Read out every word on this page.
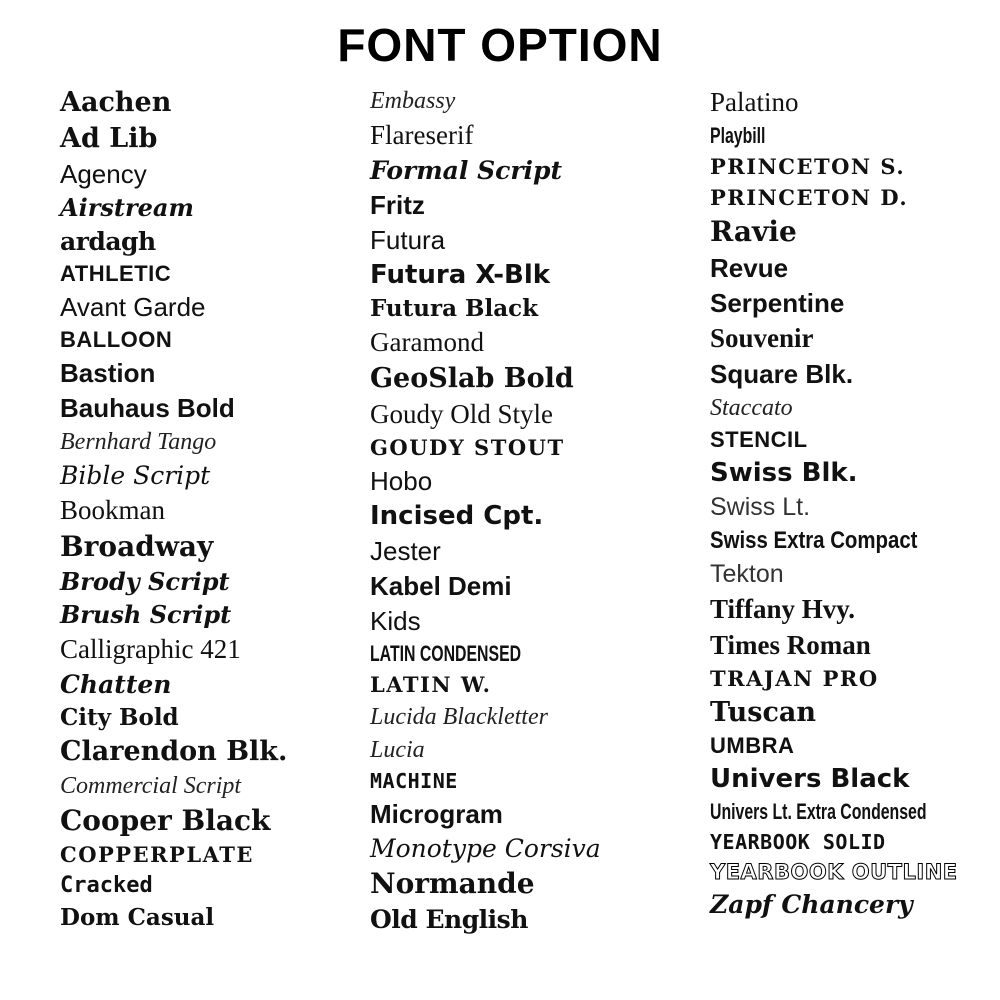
FONT OPTION
Aachen
Ad Lib
Agency
Airstream
ardagh
ATHLETIC
Avant Garde
BALLOON
Bastion
Bauhaus Bold
Bernhard Tango
Bible Script
Bookman
Broadway
Brody Script
Brush Script
Calligraphic 421
Chatten
City Bold
Clarendon Blk.
Commercial Script
Cooper Black
COPPERPLATE
Cracked
Dom Casual
Embassy
Flareserif
Formal Script
Fritz
Futura
Futura X-Blk
Futura Black
Garamond
GeoSlab Bold
Goudy Old Style
GOUDY STOUT
Hobo
Incised Cpt.
Jester
Kabel Demi
Kids
LATIN CONDENSED
LATIN W.
Lucida Blackletter
Lucia
MACHINE
Microgram
Monotype Corsiva
Normande
Old English
Palatino
Playbill
PRINCETON S.
PRINCETON D.
Ravie
Revue
Serpentine
Souvenir
Square Blk.
Staccato
STENCIL
Swiss Blk.
Swiss Lt.
Swiss Extra Compact
Tekton
Tiffany Hvy.
Times Roman
TRAJAN PRO
Tuscan
UMBRA
Univers Black
Univers Lt. Extra Condensed
YEARBOOK SOLID
YEARBOOK OUTLINE
Zapf Chancery
